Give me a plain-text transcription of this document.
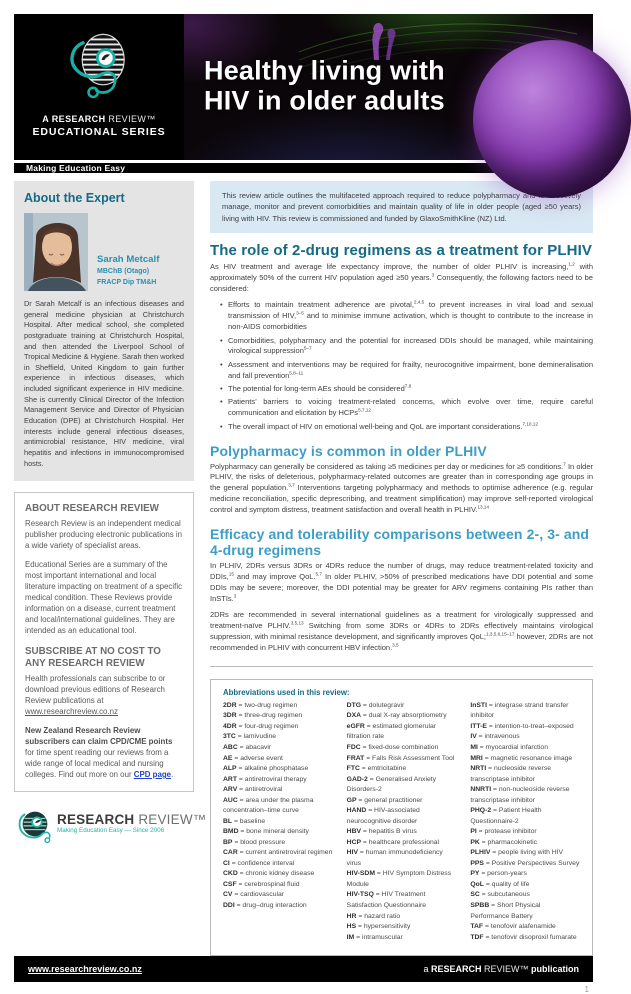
A RESEARCH REVIEW™
EDUCATIONAL SERIES
Healthy living with
HIV in older adults
Making Education Easy
About the Expert
Sarah Metcalf
MBChB (Otago)
FRACP Dip TM&H

Dr Sarah Metcalf is an infectious diseases and general medicine physician at Christchurch Hospital. After medical school, she completed postgraduate training at Christchurch Hospital, and then attended the Liverpool School of Tropical Medicine & Hygiene. Sarah then worked in Sheffield, United Kingdom to gain further experience in infectious diseases, which included significant experience in HIV medicine. She is currently Clinical Director of the Infection Management Service and Director of Physician Education (DPE) at Christchurch Hospital. Her interests include general infectious diseases, antimicrobial resistance, HIV medicine, viral hepatitis and infections in immunocompromised hosts.

ABOUT RESEARCH REVIEW

Research Review is an independent medical publisher producing electronic publications in a wide variety of specialist areas.

Educational Series are a summary of the most important international and local literature impacting on treatment of a specific medical condition. These Reviews provide information on a disease, current treatment and local/international guidelines. They are intended as an educational tool.

SUBSCRIBE AT NO COST TO ANY RESEARCH REVIEW

Health professionals can subscribe to or download previous editions of Research Review publications at
www.researchreview.co.nz

New Zealand Research Review subscribers can claim CPD/CME points for time spent reading our reviews from a wide range of local medical and nursing colleges. Find out more on our CPD page.

RESEARCH REVIEW™
Making Education Easy — Since 2006
This review article outlines the multifaceted approach required to reduce polypharmacy and to effectively manage, monitor and prevent comorbidities and maintain quality of life in older people (aged ≥50 years) living with HIV. This review is commissioned and funded by GlaxoSmithKline (NZ) Ltd.
The role of 2-drug regimens as a treatment for PLHIV

As HIV treatment and average life expectancy improve, the number of older PLHIV is increasing,$^{1,2}$ with approximately 50% of the current HIV population aged ≥50 years.$^3$ Consequently, the following factors need to be considered:

• Efforts to maintain treatment adherence are pivotal,$^{2,4,5}$ to prevent increases in viral load and sexual transmission of HIV,$^{3-5}$ and to minimise immune activation, which is thought to contribute to the increase in non-AIDS comorbidities
• Comorbidities, polypharmacy and the potential for increased DDIs should be managed, while maintaining virological suppression$^{5-7}$
• Assessment and interventions may be required for frailty, neurocognitive impairment, bone demineralisation and fall prevention$^{5,8-11}$
• The potential for long-term AEs should be considered$^{7,8}$
• Patients’ barriers to voicing treatment-related concerns, which evolve over time, require careful communication and elicitation by HCPs$^{5,7,12}$
• The overall impact of HIV on emotional well-being and QoL are important considerations.$^{7,10,12}$
Polypharmacy is common in older PLHIV

Polypharmacy can generally be considered as taking ≥5 medicines per day or medicines for ≥5 conditions.$^7$ In older PLHIV, the risks of deleterious, polypharmacy-related outcomes are greater than in corresponding age groups in the general population.$^{3,7}$ Interventions targeting polypharmacy and methods to optimise adherence (e.g. regular medicine reconciliation, specific deprescribing, and treatment simplification) may improve self-reported virological control and symptom distress, treatment satisfaction and overall health in PLHIV.$^{13,14}$

Efficacy and tolerability comparisons between 2-, 3- and 4-drug regimens

In PLHIV, 2DRs versus 3DRs or 4DRs reduce the number of drugs, may reduce treatment-related toxicity and DDIs,$^{15}$ and may improve QoL.$^{5,7}$ In older PLHIV, >50% of prescribed medications have DDI potential and some DDIs may be severe; moreover, the DDI potential may be greater for ARV regimens containing PIs rather than InSTIs.$^3$

2DRs are recommended in several international guidelines as a treatment for virologically suppressed and treatment-naïve PLHIV.$^{3,5,13}$ Switching from some 3DRs or 4DRs to 2DRs effectively maintains virological suppression, with minimal resistance development, and significantly improves QoL;$^{1,3,5,6,15-17}$ however, 2DRs are not recommended in PLHIV with concurrent HBV infection.$^{3,5}$

Abbreviations used in this review:
2DR = two-drug regimen
3DR = three-drug regimen
4DR = four-drug regimen
3TC = lamivudine
ABC = abacavir
AE = adverse event
ALP = alkaline phosphatase
ART = antiretroviral therapy
ARV = antiretroviral
AUC = area under the plasma concentration–time curve
BL = baseline
BMD = bone mineral density
BP = blood pressure
CAR = current antiretroviral regimen
CI = confidence interval
CKD = chronic kidney disease
CSF = cerebrospinal fluid
CV = cardiovascular
DDI = drug–drug interaction
DTG = dolutegravir
DXA = dual X-ray absorptiometry
eGFR = estimated glomerular filtration rate
FDC = fixed-dose combination
FRAT = Falls Risk Assessment Tool
FTC = emtricitabine
GAD-2 = Generalised Anxiety Disorders-2
GP = general practitioner
HAND = HIV-associated neurocognitive disorder
HBV = hepatitis B virus
HCP = healthcare professional
HIV = human immunodeficiency virus
HIV-SDM = HIV Symptom Distress Module
HIV-TSQ = HIV Treatment Satisfaction Questionnaire
HR = hazard ratio
HS = hypersensitivity
IM = intramuscular
InSTI = integrase strand transfer inhibitor
ITT-E = intention-to-treat–exposed
IV = intravenous
MI = myocardial infarction
MRI = magnetic resonance image
NRTI = nucleoside reverse transcriptase inhibitor
NNRTI = non-nucleoside reverse transcriptase inhibitor
PHQ-2 = Patient Health Questionnaire-2
PI = protease inhibitor
PK = pharmacokinetic
PLHIV = people living with HIV
PPS = Positive Perspectives Survey
PY = person-years
QoL = quality of life
SC = subcutaneous
SPBB = Short Physical Performance Battery
TAF = tenofovir alafenamide
TDF = tenofovir disoproxil fumarate
www.researchreview.co.nz	a RESEARCH REVIEW™ publication
1
